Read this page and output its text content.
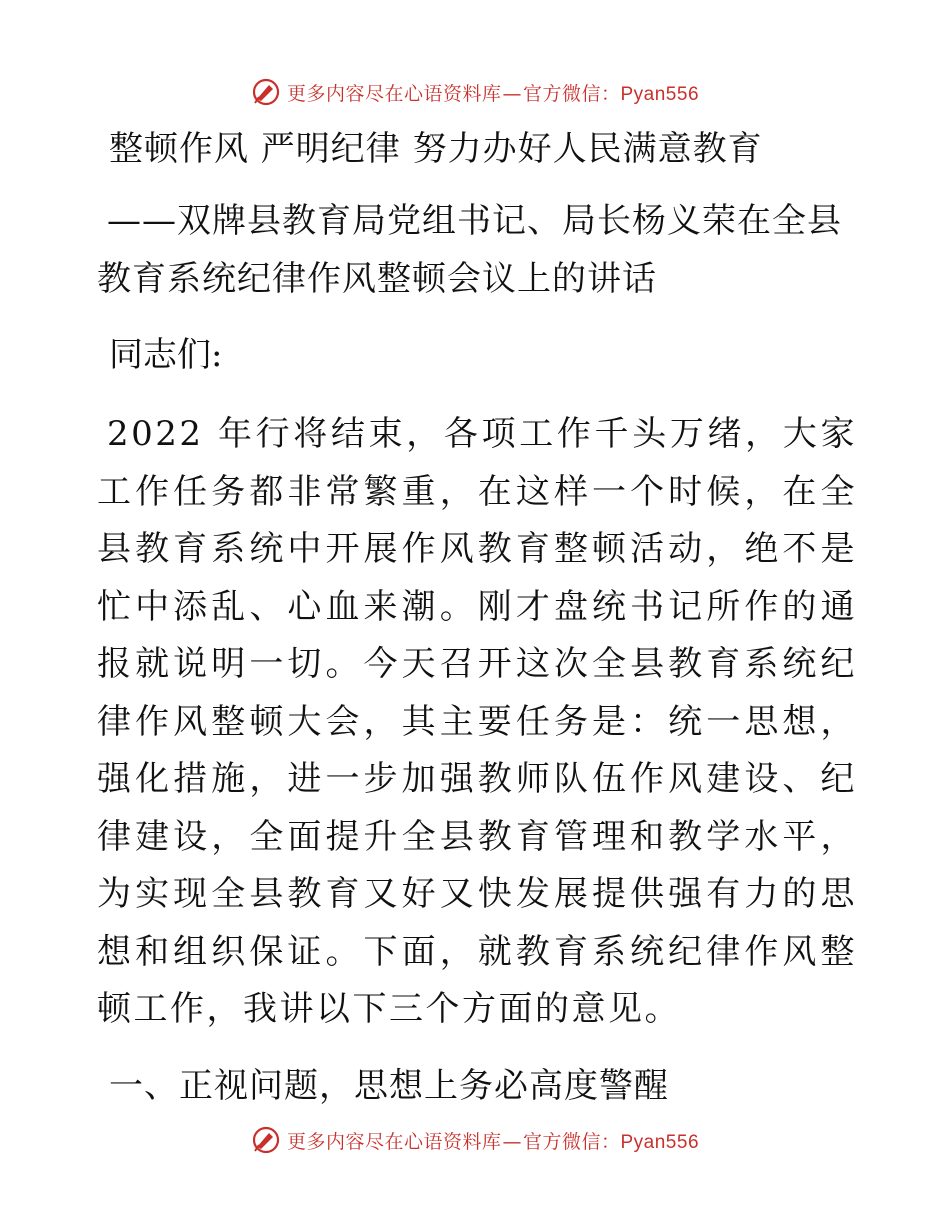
更多内容尽在心语资料库—官方微信：Pyan556
整顿作风 严明纪律 努力办好人民满意教育
——双牌县教育局党组书记、局长杨义荣在全县教育系统纪律作风整顿会议上的讲话

同志们:

2022 年行将结束，各项工作千头万绪，大家工作任务都非常繁重，在这样一个时候，在全县教育系统中开展作风教育整顿活动，绝不是忙中添乱、心血来潮。刚才盘统书记所作的通报就说明一切。今天召开这次全县教育系统纪律作风整顿大会，其主要任务是：统一思想，强化措施，进一步加强教师队伍作风建设、纪律建设，全面提升全县教育管理和教学水平，为实现全县教育又好又快发展提供强有力的思想和组织保证。下面，就教育系统纪律作风整顿工作，我讲以下三个方面的意见。

一、正视问题，思想上务必高度警醒
更多内容尽在心语资料库—官方微信：Pyan556
